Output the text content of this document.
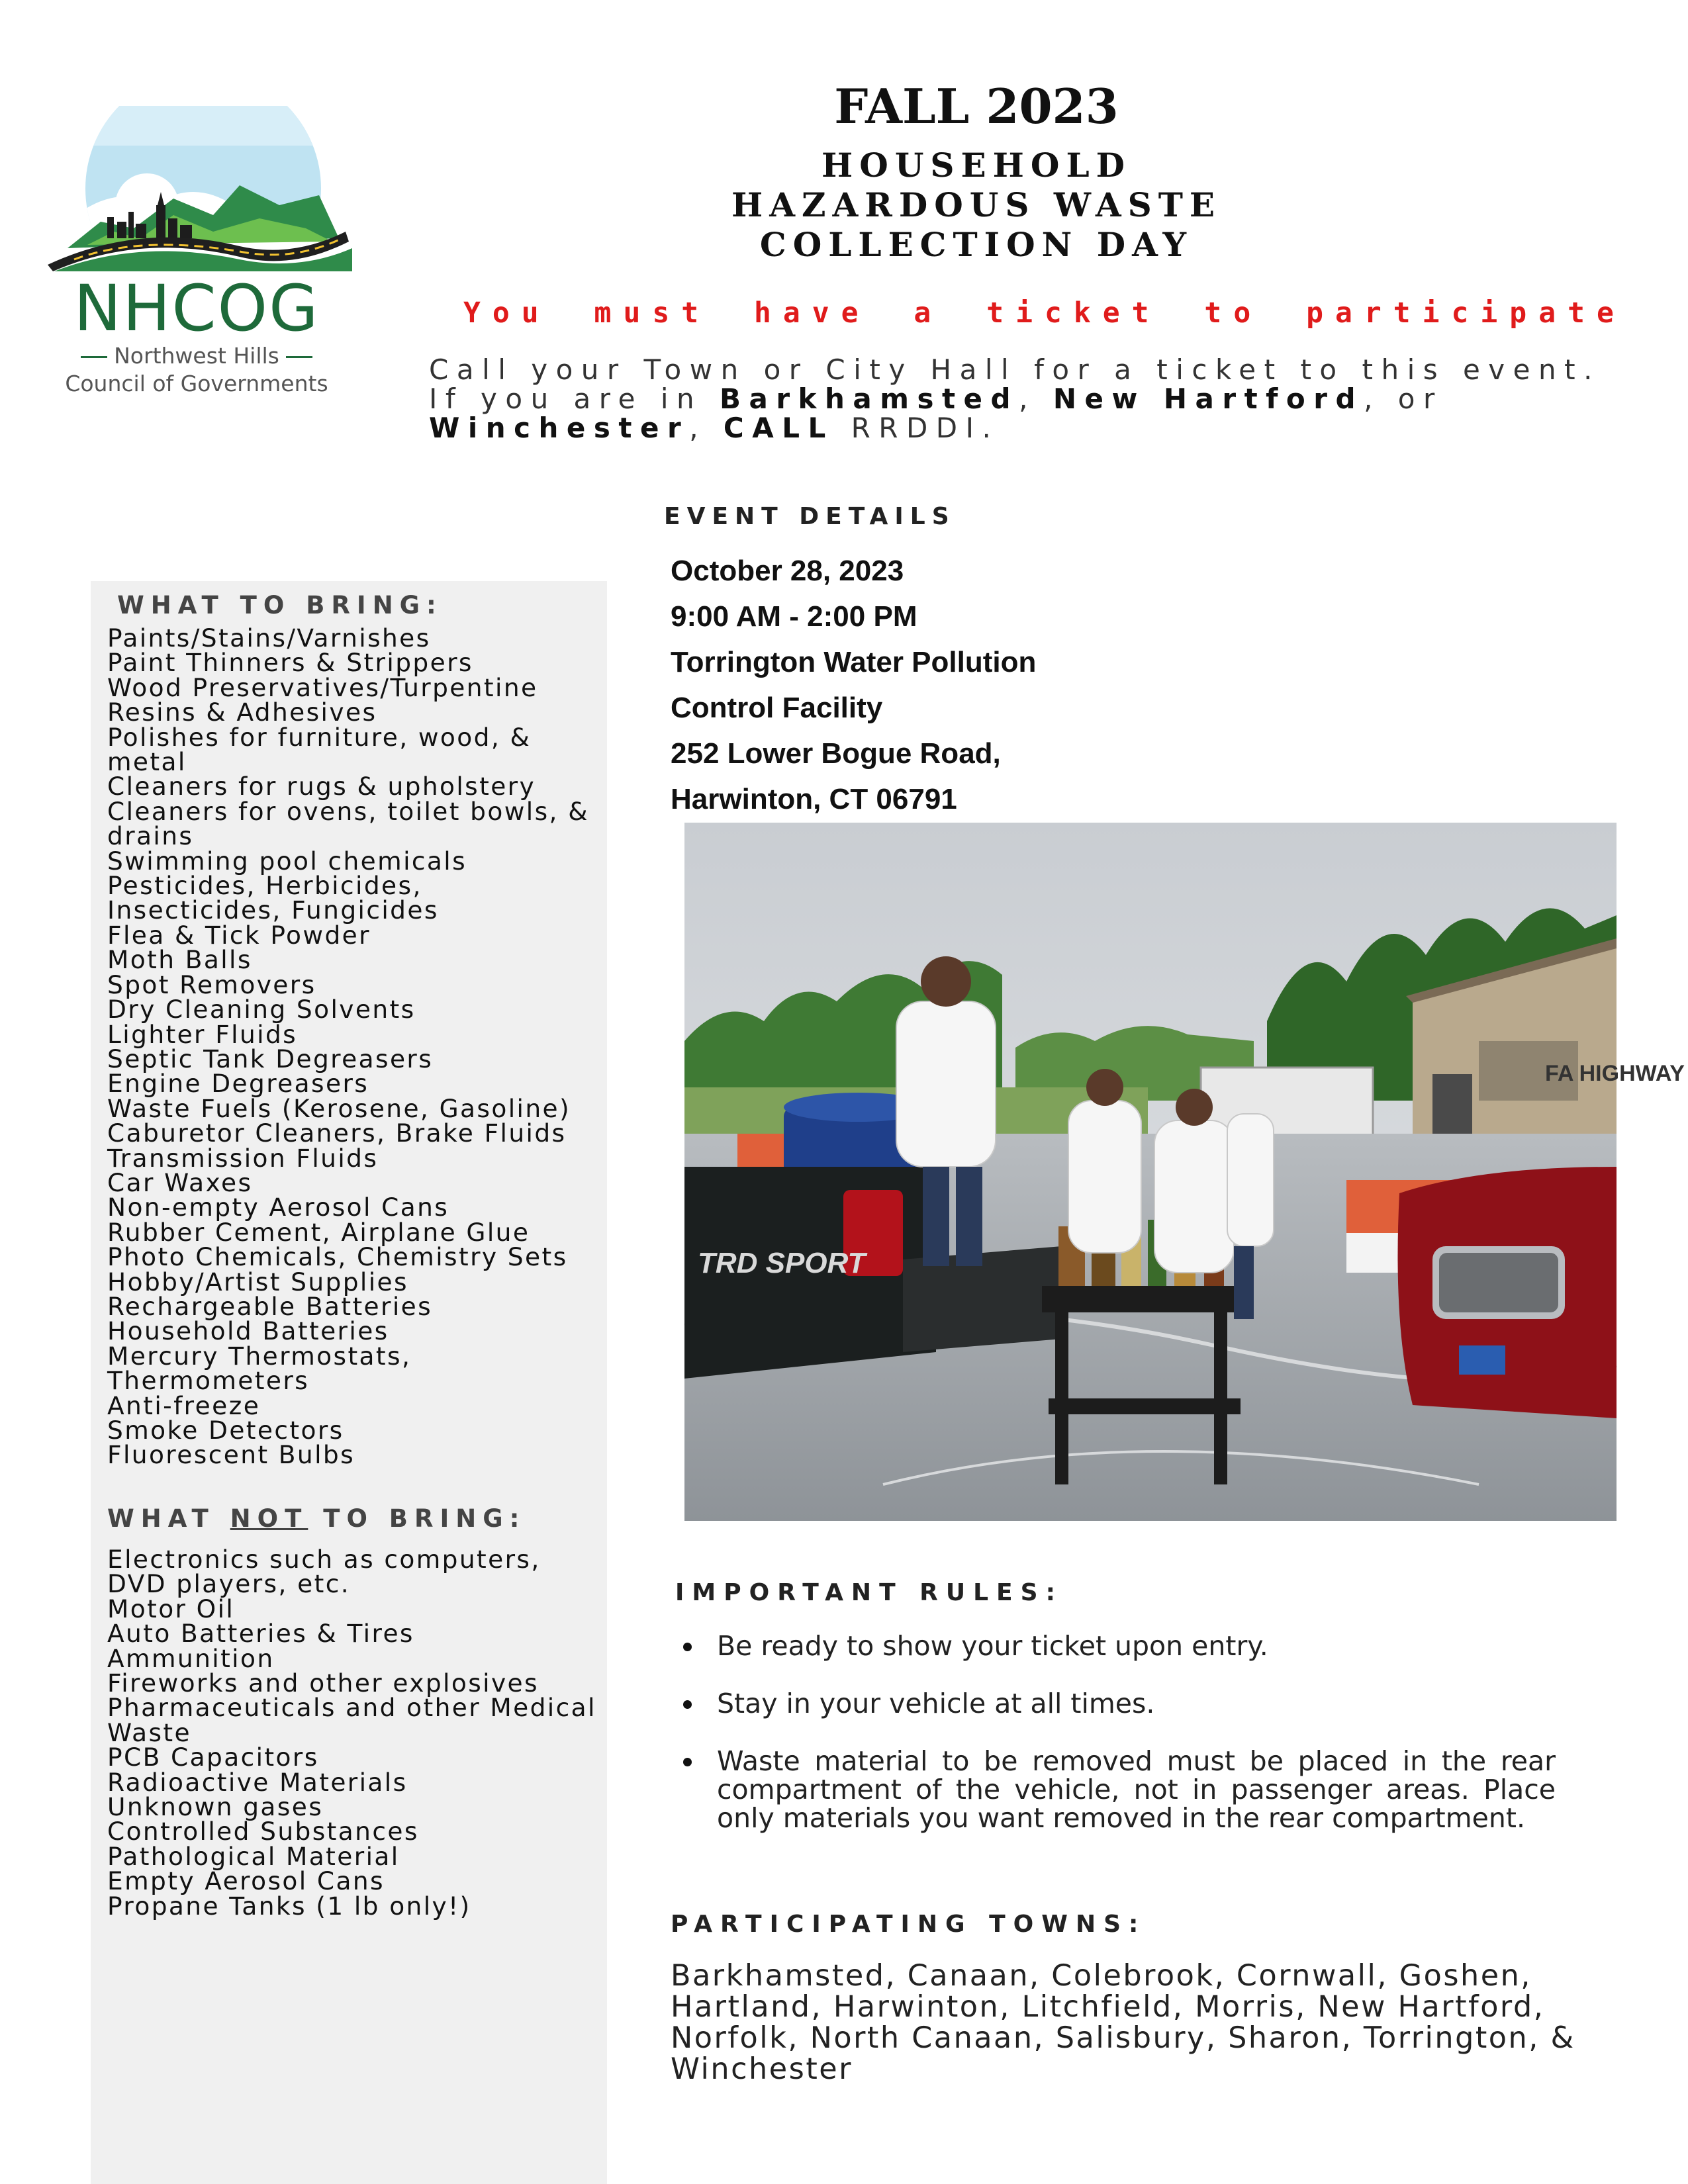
NHCOG
Northwest Hills
Council of Governments
FALL 2023
HOUSEHOLD
HAZARDOUS WASTE
COLLECTION DAY
You must have a ticket to participate
Call your Town or City Hall for a ticket to this event. If you are in Barkhamsted, New Hartford, or Winchester, CALL RRDDI.
WHAT TO BRING:
Paints/Stains/Varnishes
Paint Thinners & Strippers
Wood Preservatives/Turpentine
Resins & Adhesives
Polishes for furniture, wood, & metal
Cleaners for rugs & upholstery
Cleaners for ovens, toilet bowls, & drains
Swimming pool chemicals
Pesticides, Herbicides, Insecticides, Fungicides
Flea & Tick Powder
Moth Balls
Spot Removers
Dry Cleaning Solvents
Lighter Fluids
Septic Tank Degreasers
Engine Degreasers
Waste Fuels (Kerosene, Gasoline)
Caburetor Cleaners, Brake Fluids
Transmission Fluids
Car Waxes
Non-empty Aerosol Cans
Rubber Cement, Airplane Glue
Photo Chemicals, Chemistry Sets
Hobby/Artist Supplies
Rechargeable Batteries
Household Batteries
Mercury Thermostats, Thermometers
Anti-freeze
Smoke Detectors
Fluorescent Bulbs
WHAT NOT TO BRING:
Electronics such as computers, DVD players, etc.
Motor Oil
Auto Batteries & Tires
Ammunition
Fireworks and other explosives
Pharmaceuticals and other Medical Waste
PCB Capacitors
Radioactive Materials
Unknown gases
Controlled Substances
Pathological Material
Empty Aerosol Cans
Propane Tanks (1 lb only!)
EVENT DETAILS
October 28, 2023
9:00 AM - 2:00 PM
Torrington Water Pollution
Control Facility
252 Lower Bogue Road,
Harwinton, CT 06791
FA HIGHWAY
TRD SPORT
IMPORTANT RULES:
Be ready to show your ticket upon entry.
Stay in your vehicle at all times.
Waste material to be removed must be placed in the rear compartment of the vehicle, not in passenger areas. Place only materials you want removed in the rear compartment.
PARTICIPATING TOWNS:
Barkhamsted, Canaan, Colebrook, Cornwall, Goshen, Hartland, Harwinton, Litchfield, Morris, New Hartford, Norfolk, North Canaan, Salisbury, Sharon, Torrington, & Winchester
